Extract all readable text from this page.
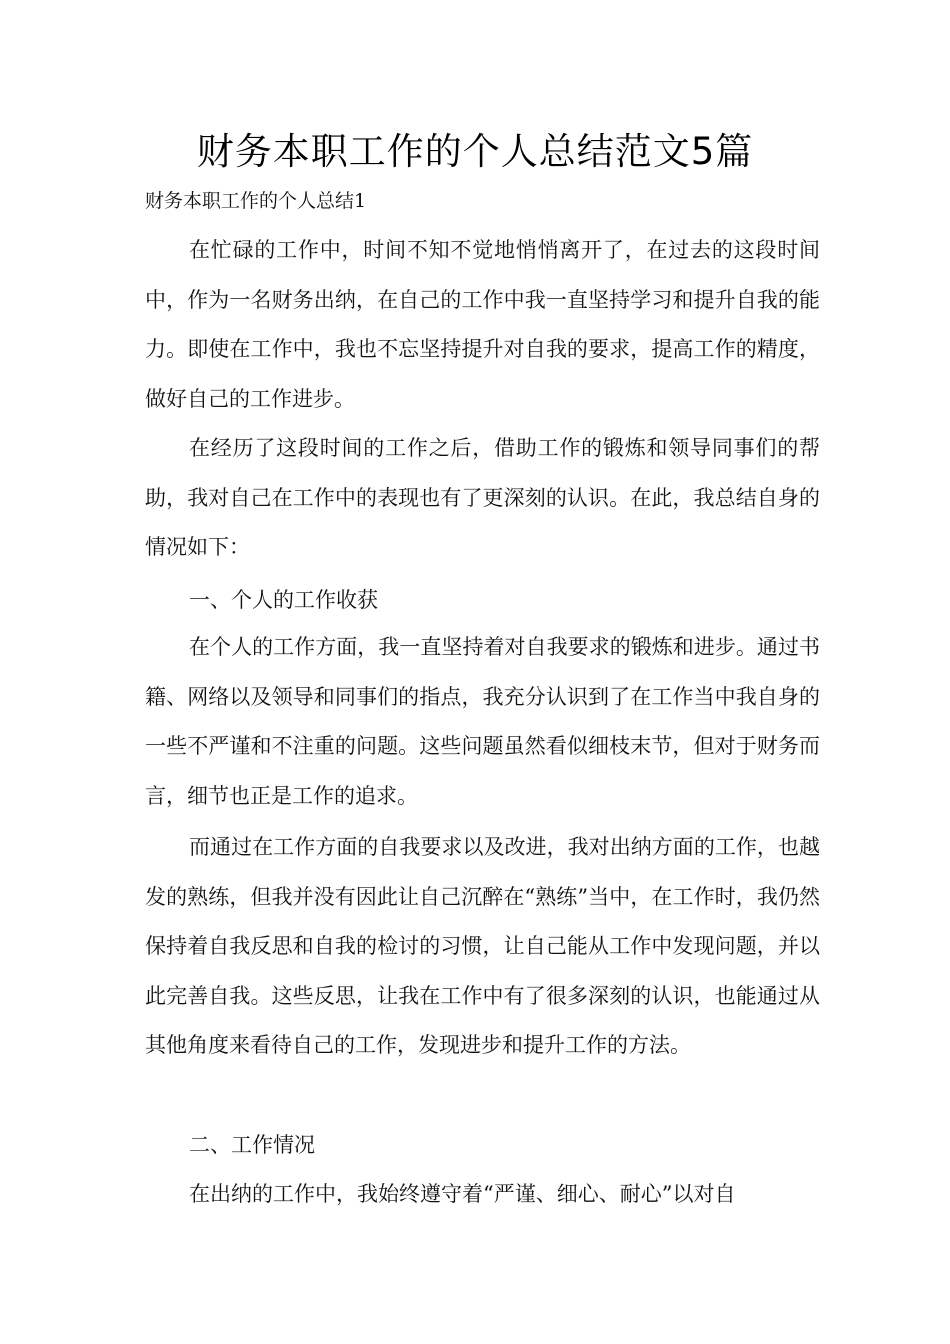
财务本职工作的个人总结范文5篇
财务本职工作的个人总结1

在忙碌的工作中，时间不知不觉地悄悄离开了，在过去的这段时间中，作为一名财务出纳，在自己的工作中我一直坚持学习和提升自我的能力。即使在工作中，我也不忘坚持提升对自我的要求，提高工作的精度，做好自己的工作进步。

在经历了这段时间的工作之后，借助工作的锻炼和领导同事们的帮助，我对自己在工作中的表现也有了更深刻的认识。在此，我总结自身的情况如下：

一、个人的工作收获

在个人的工作方面，我一直坚持着对自我要求的锻炼和进步。通过书籍、网络以及领导和同事们的指点，我充分认识到了在工作当中我自身的一些不严谨和不注重的问题。这些问题虽然看似细枝末节，但对于财务而言，细节也正是工作的追求。

而通过在工作方面的自我要求以及改进，我对出纳方面的工作，也越发的熟练，但我并没有因此让自己沉醉在“熟练”当中，在工作时，我仍然保持着自我反思和自我的检讨的习惯，让自己能从工作中发现问题，并以此完善自我。这些反思，让我在工作中有了很多深刻的认识，也能通过从其他角度来看待自己的工作，发现进步和提升工作的方法。

二、工作情况

在出纳的工作中，我始终遵守着“严谨、细心、耐心”以对自
